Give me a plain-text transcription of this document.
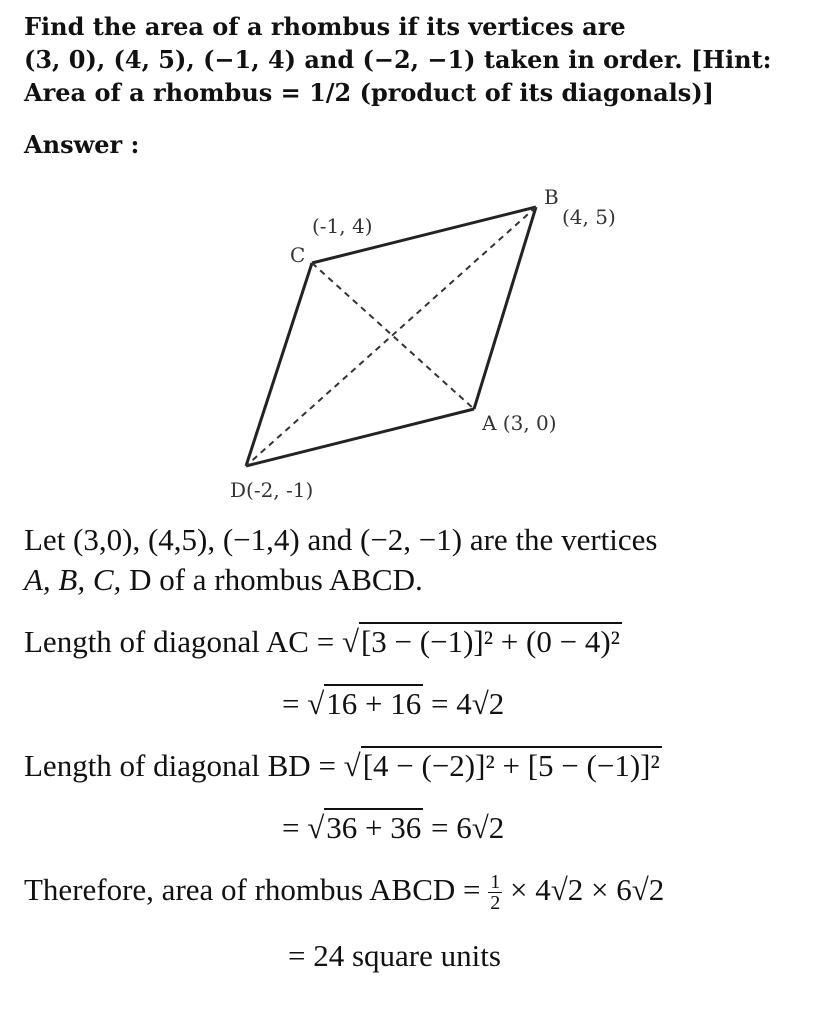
Find the area of a rhombus if its vertices are
(3, 0), (4, 5), (−1, 4) and (−2, −1) taken in order. [Hint:
Area of a rhombus = 1/2 (product of its diagonals)]
Answer :
B
(4, 5)
(-1, 4)
C
A (3, 0)
D(-2, -1)
Let (3,0), (4,5), (−1,4) and (−2, −1) are the vertices
A, B, C, D of a rhombus ABCD.
Length of diagonal AC = √[3 − (−1)]² + (0 − 4)²
= √16 + 16 = 4√2
Length of diagonal BD = √[4 − (−2)]² + [5 − (−1)]²
= √36 + 36 = 6√2
Therefore, area of rhombus ABCD = $\frac{1}{2} \times 4√2 \times 6√2$
= 24 square units
